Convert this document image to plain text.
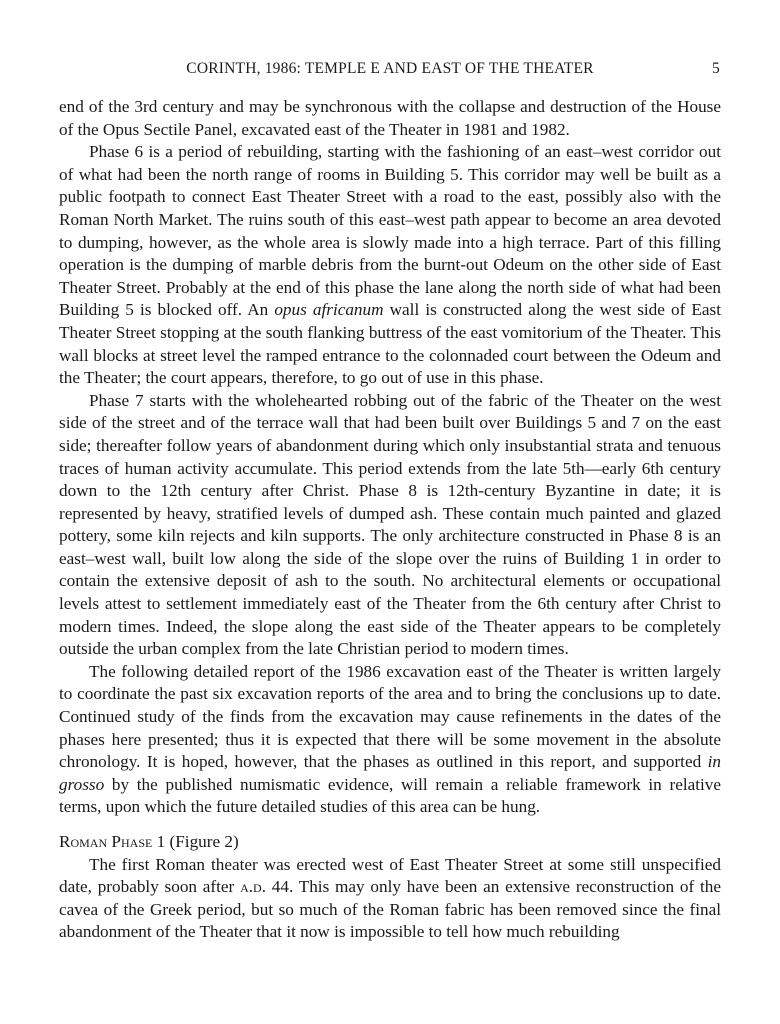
CORINTH, 1986: TEMPLE E AND EAST OF THE THEATER	5

end of the 3rd century and may be synchronous with the collapse and destruction of the House of the Opus Sectile Panel, excavated east of the Theater in 1981 and 1982.

Phase 6 is a period of rebuilding, starting with the fashioning of an east–west corridor out of what had been the north range of rooms in Building 5. This corridor may well be built as a public footpath to connect East Theater Street with a road to the east, possibly also with the Roman North Market. The ruins south of this east–west path appear to become an area devoted to dumping, however, as the whole area is slowly made into a high terrace. Part of this filling operation is the dumping of marble debris from the burnt-out Odeum on the other side of East Theater Street. Probably at the end of this phase the lane along the north side of what had been Building 5 is blocked off. An opus africanum wall is constructed along the west side of East Theater Street stopping at the south flanking buttress of the east vomitorium of the Theater. This wall blocks at street level the ramped entrance to the colonnaded court between the Odeum and the Theater; the court appears, therefore, to go out of use in this phase.

Phase 7 starts with the wholehearted robbing out of the fabric of the Theater on the west side of the street and of the terrace wall that had been built over Buildings 5 and 7 on the east side; thereafter follow years of abandonment during which only insubstantial strata and tenuous traces of human activity accumulate. This period extends from the late 5th—early 6th century down to the 12th century after Christ. Phase 8 is 12th-century Byzantine in date; it is represented by heavy, stratified levels of dumped ash. These contain much painted and glazed pottery, some kiln rejects and kiln supports. The only architecture constructed in Phase 8 is an east–west wall, built low along the side of the slope over the ruins of Building 1 in order to contain the extensive deposit of ash to the south. No architectural elements or occupational levels attest to settlement immediately east of the Theater from the 6th century after Christ to modern times. Indeed, the slope along the east side of the Theater appears to be completely outside the urban complex from the late Christian period to modern times.

The following detailed report of the 1986 excavation east of the Theater is written largely to coordinate the past six excavation reports of the area and to bring the conclusions up to date. Continued study of the finds from the excavation may cause refinements in the dates of the phases here presented; thus it is expected that there will be some movement in the absolute chronology. It is hoped, however, that the phases as outlined in this report, and supported in grosso by the published numismatic evidence, will remain a reliable framework in relative terms, upon which the future detailed studies of this area can be hung.

Roman Phase 1 (Figure 2)

The first Roman theater was erected west of East Theater Street at some still unspecified date, probably soon after a.d. 44. This may only have been an extensive reconstruction of the cavea of the Greek period, but so much of the Roman fabric has been removed since the final abandonment of the Theater that it now is impossible to tell how much rebuilding
